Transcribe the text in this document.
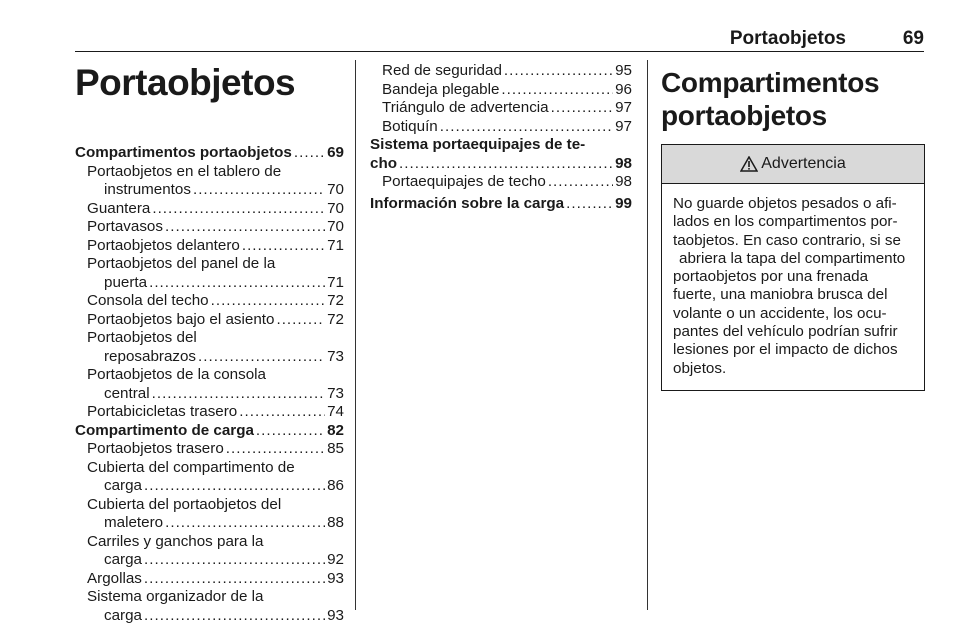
Portaobjetos	69
Portaobjetos
Compartimentos portaobjetos . . . 69
Portaobjetos en el tablero de
instrumentos . . .	70
Guantera . . .	70
Portavasos . . .	70
Portaobjetos delantero . . .	71
Portaobjetos del panel de la
puerta . . .	71
Consola del techo . . .	72
Portaobjetos bajo el asiento . . .	72
Portaobjetos del
reposabrazos . . .	73
Portaobjetos de la consola
central . . .	73
Portabicicletas trasero . . .	74
Compartimento de carga . . .	82
Portaobjetos trasero . . .	85
Cubierta del compartimento de
carga . . .	86
Cubierta del portaobjetos del
maletero . . .	88
Carriles y ganchos para la
carga . . .	92
Argollas . . .	93
Sistema organizador de la
carga . . .	93
Red de seguridad . . .	95
Bandeja plegable . . .	96
Triángulo de advertencia . . .	97
Botiquín . . .	97
Sistema portaequipajes de te-
cho . . .	98
Portaequipajes de techo . . .	98
Información sobre la carga . . .	99
Compartimentos
portaobjetos
Advertencia
No guarde objetos pesados o afi-
lados en los compartimentos por-
taobjetos. En caso contrario, si se
abriera la tapa del compartimento
portaobjetos por una frenada
fuerte, una maniobra brusca del
volante o un accidente, los ocu-
pantes del vehículo podrían sufrir
lesiones por el impacto de dichos
objetos.
